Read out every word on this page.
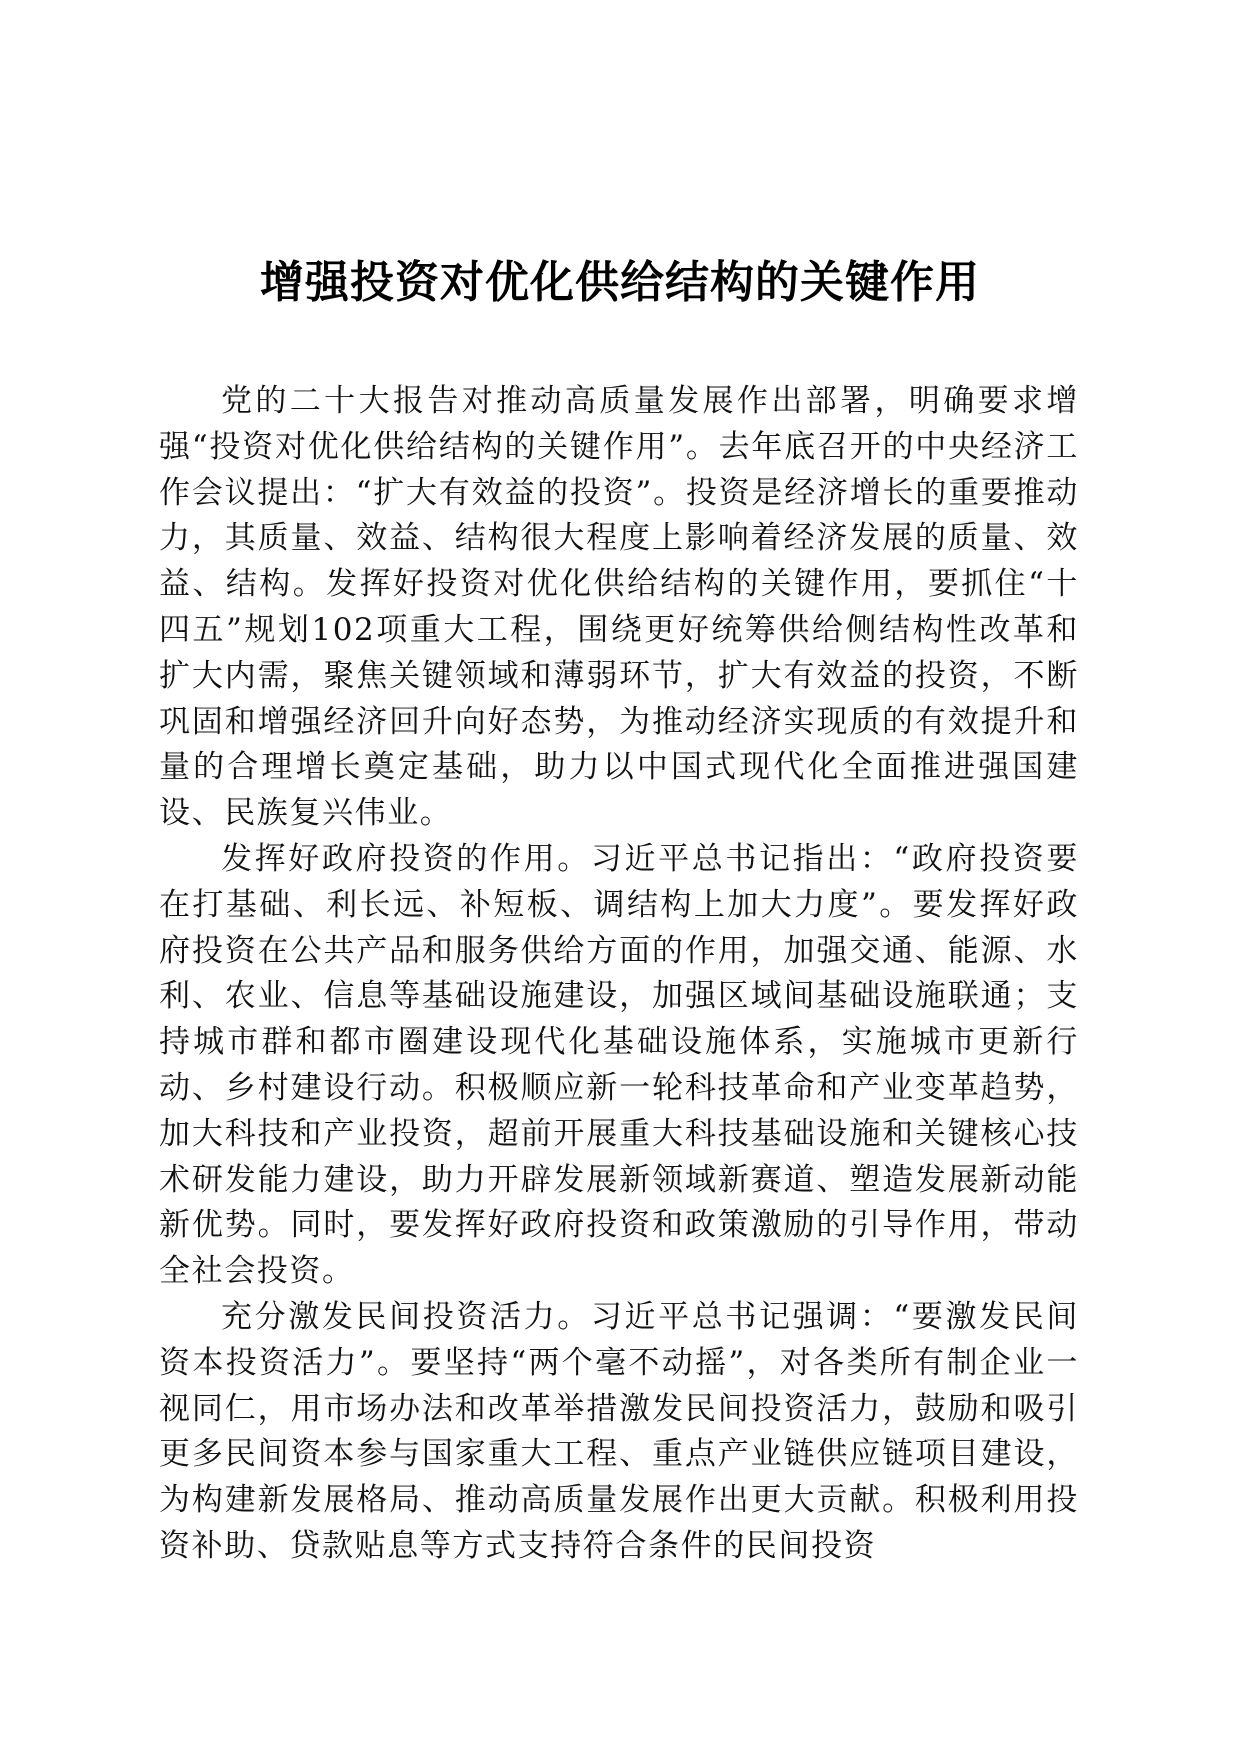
增强投资对优化供给结构的关键作用

党的二十大报告对推动高质量发展作出部署，明确要求增强“投资对优化供给结构的关键作用”。去年底召开的中央经济工作会议提出：“扩大有效益的投资”。投资是经济增长的重要推动力，其质量、效益、结构很大程度上影响着经济发展的质量、效益、结构。发挥好投资对优化供给结构的关键作用，要抓住“十四五”规划102项重大工程，围绕更好统筹供给侧结构性改革和扩大内需，聚焦关键领域和薄弱环节，扩大有效益的投资，不断巩固和增强经济回升向好态势，为推动经济实现质的有效提升和量的合理增长奠定基础，助力以中国式现代化全面推进强国建设、民族复兴伟业。

发挥好政府投资的作用。习近平总书记指出：“政府投资要在打基础、利长远、补短板、调结构上加大力度”。要发挥好政府投资在公共产品和服务供给方面的作用，加强交通、能源、水利、农业、信息等基础设施建设，加强区域间基础设施联通；支持城市群和都市圈建设现代化基础设施体系，实施城市更新行动、乡村建设行动。积极顺应新一轮科技革命和产业变革趋势，加大科技和产业投资，超前开展重大科技基础设施和关键核心技术研发能力建设，助力开辟发展新领域新赛道、塑造发展新动能新优势。同时，要发挥好政府投资和政策激励的引导作用，带动全社会投资。

充分激发民间投资活力。习近平总书记强调：“要激发民间资本投资活力”。要坚持“两个毫不动摇”，对各类所有制企业一视同仁，用市场办法和改革举措激发民间投资活力，鼓励和吸引更多民间资本参与国家重大工程、重点产业链供应链项目建设，为构建新发展格局、推动高质量发展作出更大贡献。积极利用投资补助、贷款贴息等方式支持符合条件的民间投资
